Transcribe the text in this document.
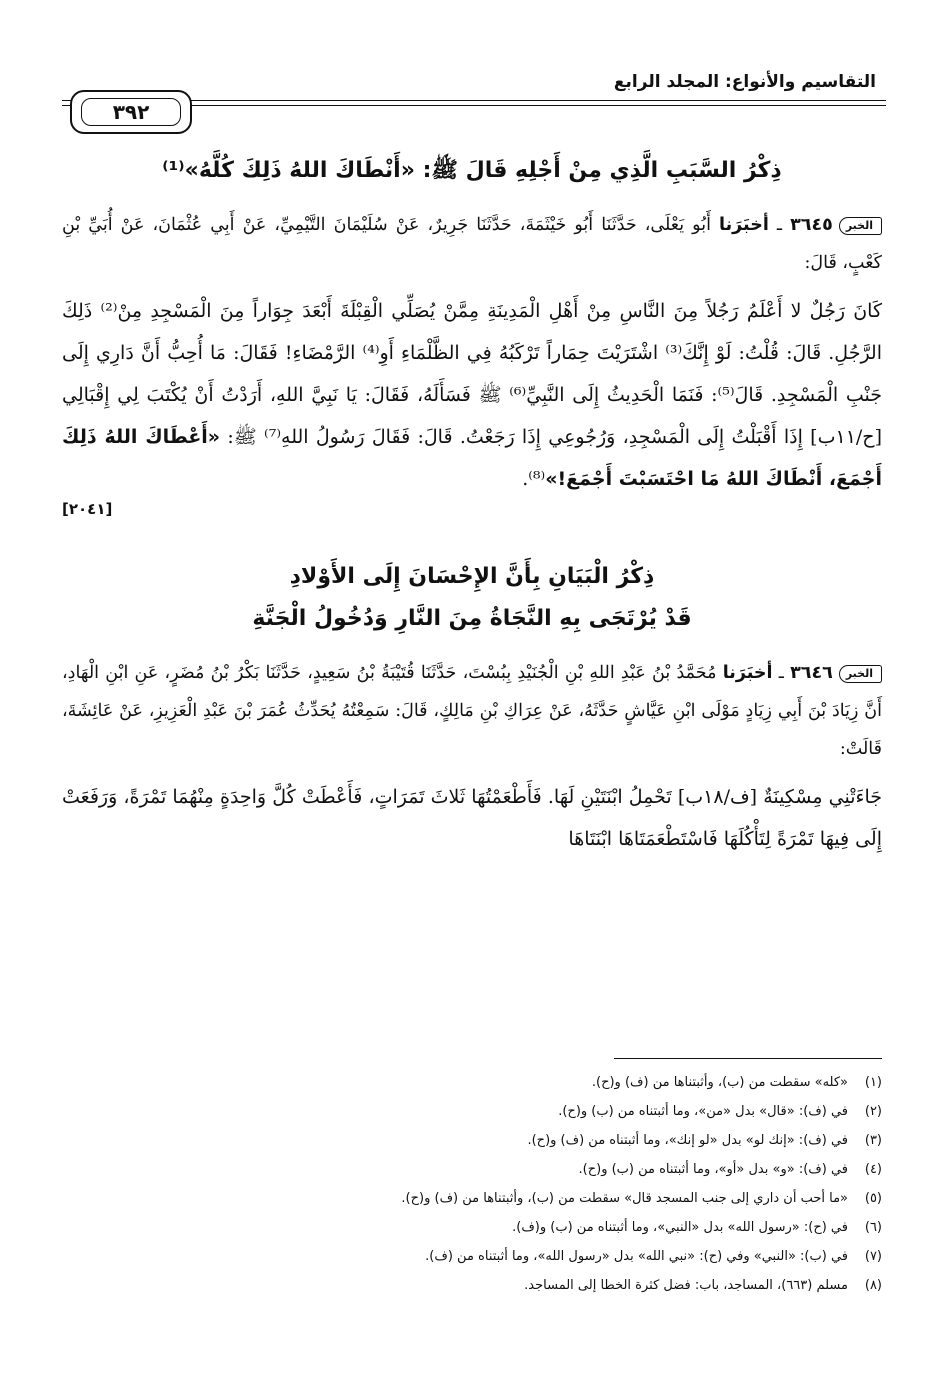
التقاسيم والأنواع: المجلد الرابع
٣٩٢
ذِكْرُ السَّبَبِ الَّذِي مِنْ أَجْلِهِ قَالَ ﷺ: «أَنْطَاكَ اللهُ ذَلِكَ كُلَّهُ»⁽¹⁾

الخبر٣٦٤٥ ـ أخبَرَنا أَبُو يَعْلَى، حَدَّثَنَا أَبُو خَيْثَمَةَ، حَدَّثَنَا جَرِيرٌ، عَنْ سُلَيْمَانَ التَّيْمِيِّ، عَنْ أَبِي عُثْمَانَ، عَنْ أُبَيِّ بْنِ كَعْبٍ، قَالَ:

كَانَ رَجُلٌ لا أَعْلَمُ رَجُلاً مِنَ النَّاسِ مِنْ أَهْلِ الْمَدِينَةِ مِمَّنْ يُصَلِّي الْقِبْلَةَ أَبْعَدَ جِوَاراً مِنَ الْمَسْجِدِ مِنْ⁽²⁾ ذَلِكَ الرَّجُلِ. قَالَ: قُلْتُ: لَوْ إِنَّكَ⁽³⁾ اشْتَرَيْتَ حِمَاراً تَرْكَبُهُ فِي الظَّلْمَاءِ أَوِ⁽⁴⁾ الرَّمْضَاءِ! فَقَالَ: مَا أُحِبُّ أَنَّ دَارِي إِلَى جَنْبِ الْمَسْجِدِ. قَالَ⁽⁵⁾: فَنَمَا الْحَدِيثُ إِلَى النَّبِيِّ⁽⁶⁾ ﷺ فَسَأَلَهُ، فَقَالَ: يَا نَبِيَّ اللهِ، أَرَدْتُ أَنْ يُكْتَبَ لِي إِقْبَالِي [ح/١١ب] إِذَا أَقْبَلْتُ إِلَى الْمَسْجِدِ، وَرُجُوعِي إِذَا رَجَعْتُ. قَالَ: فَقَالَ رَسُولُ اللهِ⁽⁷⁾ ﷺ: «أَعْطَاكَ اللهُ ذَلِكَ أَجْمَعَ، أَنْطَاكَ اللهُ مَا احْتَسَبْتَ أَجْمَعَ!»⁽⁸⁾.

[٢٠٤١]
ذِكْرُ الْبَيَانِ بِأَنَّ الإِحْسَانَ إِلَى الأَوْلادِ
قَدْ يُرْتَجَى بِهِ النَّجَاةُ مِنَ النَّارِ وَدُخُولُ الْجَنَّةِ

الخبر٣٦٤٦ ـ أخبَرَنا مُحَمَّدُ بْنُ عَبْدِ اللهِ بْنِ الْجُنَيْدِ بِبُسْتَ، حَدَّثَنَا قُتَيْبَةُ بْنُ سَعِيدٍ، حَدَّثَنَا بَكْرُ بْنُ مُضَرٍ، عَنِ ابْنِ الْهَادِ، أَنَّ زِيَادَ بْنَ أَبِي زِيَادٍ مَوْلَى ابْنِ عَيَّاشٍ حَدَّثَهُ، عَنْ عِرَاكِ بْنِ مَالِكٍ، قَالَ: سَمِعْتُهُ يُحَدِّثُ عُمَرَ بْنَ عَبْدِ الْعَزِيزِ، عَنْ عَائِشَةَ، قَالَتْ:

جَاءَتْنِي مِسْكِينَةٌ [ف/١٨ب] تَحْمِلُ ابْنَتَيْنِ لَهَا. فَأَطْعَمْتُهَا ثَلاثَ تَمَرَاتٍ، فَأَعْطَتْ كُلَّ وَاحِدَةٍ مِنْهُمَا تَمْرَةً، وَرَفَعَتْ إِلَى فِيهَا تَمْرَةً لِتَأْكُلَهَا فَاسْتَطْعَمَتَاهَا ابْنَتَاهَا

(١)«كله» سقطت من (ب)، وأثبتناها من (ف) و(ح).
(٢)في (ف): «قال» بدل «من»، وما أثبتناه من (ب) و(ح).
(٣)في (ف): «إنك لو» بدل «لو إنك»، وما أثبتناه من (ف) و(ح).
(٤)في (ف): «و» بدل «أو»، وما أثبتناه من (ب) و(ح).
(٥)«ما أحب أن داري إلى جنب المسجد قال» سقطت من (ب)، وأثبتناها من (ف) و(ح).
(٦)في (ح): «رسول الله» بدل «النبي»، وما أثبتناه من (ب) و(ف).
(٧)في (ب): «النبي» وفي (ح): «نبي الله» بدل «رسول الله»، وما أثبتناه من (ف).
(٨)مسلم (٦٦٣)، المساجد، باب: فضل كثرة الخطا إلى المساجد.
